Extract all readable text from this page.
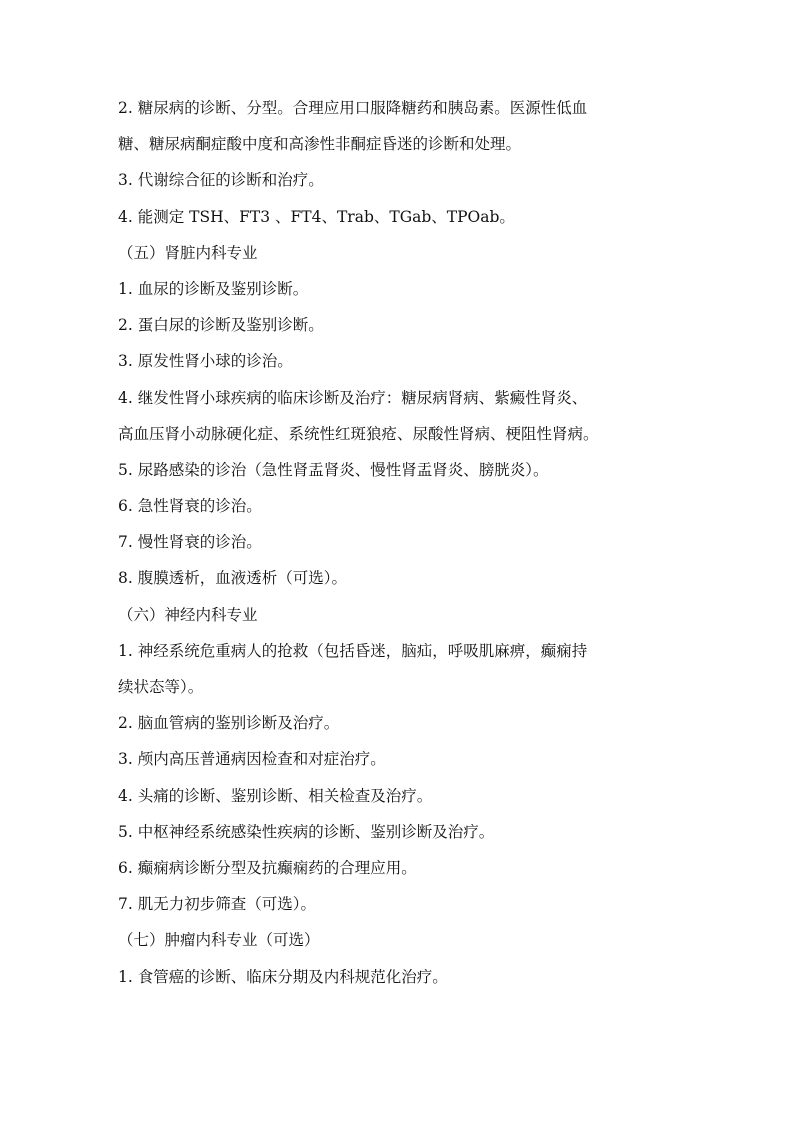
2. 糖尿病的诊断、分型。合理应用口服降糖药和胰岛素。医源性低血
糖、糖尿病酮症酸中度和高渗性非酮症昏迷的诊断和处理。
3. 代谢综合征的诊断和治疗。
4. 能测定 TSH、FT3 、FT4、Trab、TGab、TPOab。
（五）肾脏内科专业
1. 血尿的诊断及鉴别诊断。
2. 蛋白尿的诊断及鉴别诊断。
3. 原发性肾小球的诊治。
4. 继发性肾小球疾病的临床诊断及治疗：糖尿病肾病、紫癜性肾炎、
高血压肾小动脉硬化症、系统性红斑狼疮、尿酸性肾病、梗阻性肾病。
5. 尿路感染的诊治（急性肾盂肾炎、慢性肾盂肾炎、膀胱炎）。
6. 急性肾衰的诊治。
7. 慢性肾衰的诊治。
8. 腹膜透析，血液透析（可选）。
（六）神经内科专业
1. 神经系统危重病人的抢救（包括昏迷，脑疝，呼吸肌麻痹，癫痫持
续状态等）。
2. 脑血管病的鉴别诊断及治疗。
3. 颅内高压普通病因检查和对症治疗。
4. 头痛的诊断、鉴别诊断、相关检查及治疗。
5. 中枢神经系统感染性疾病的诊断、鉴别诊断及治疗。
6. 癫痫病诊断分型及抗癫痫药的合理应用。
7. 肌无力初步筛查（可选）。
（七）肿瘤内科专业（可选）
1. 食管癌的诊断、临床分期及内科规范化治疗。
